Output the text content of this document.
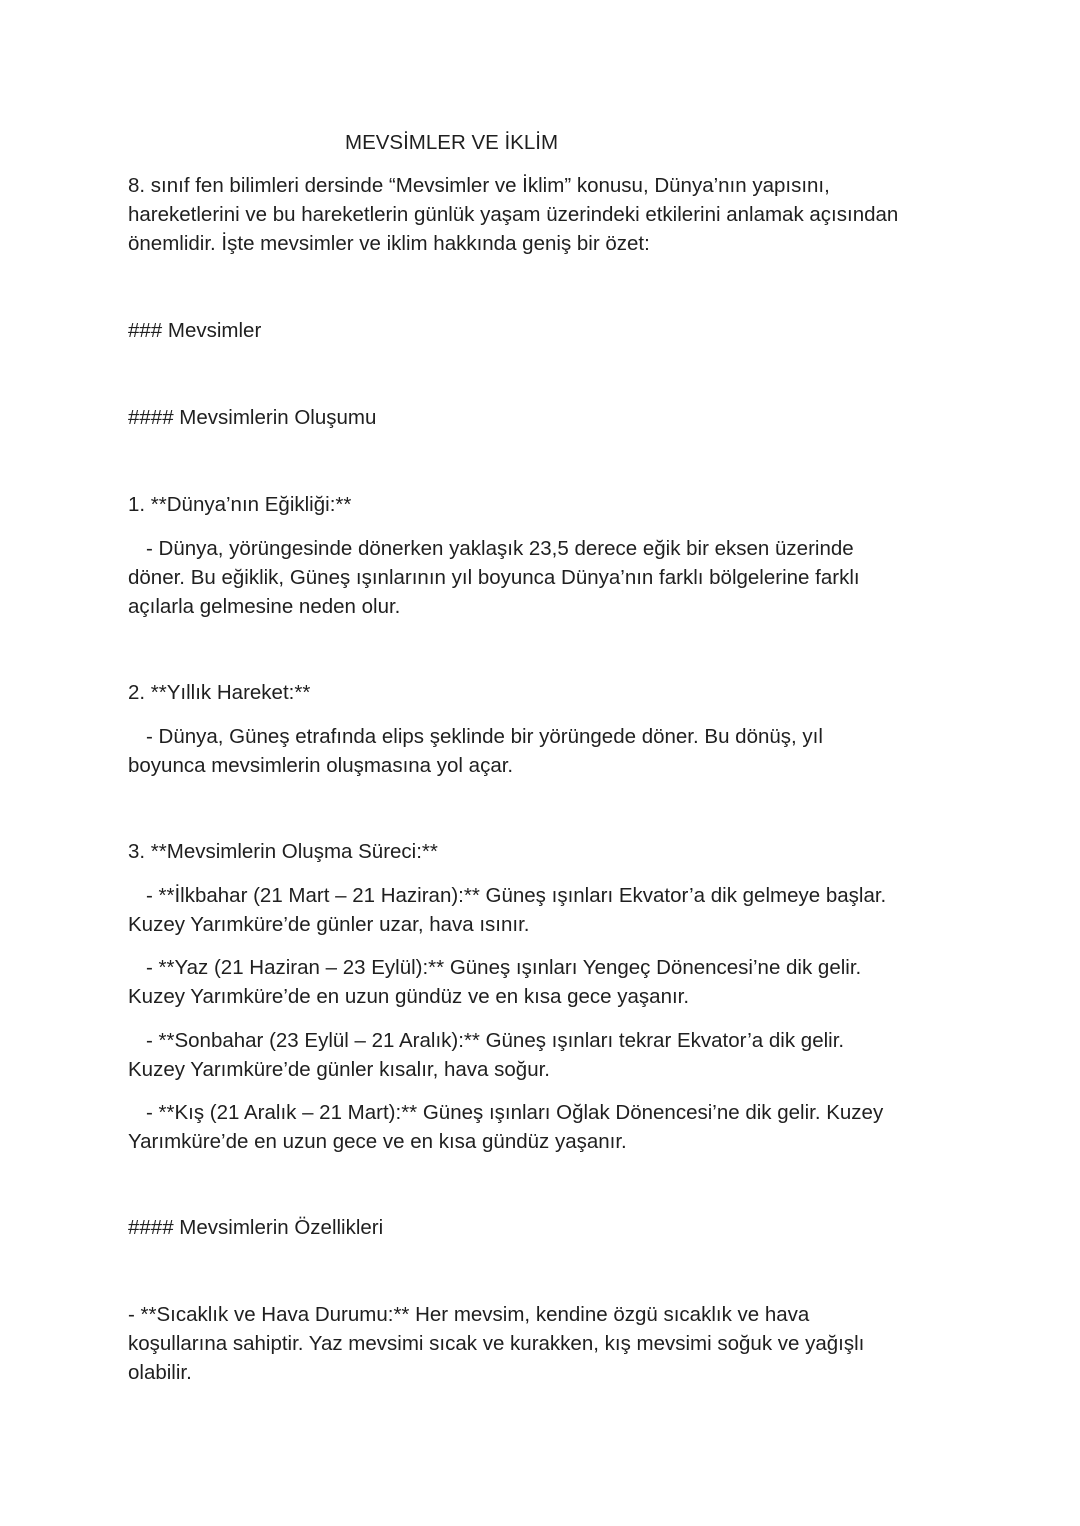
MEVSİMLER VE İKLİM
8. sınıf fen bilimleri dersinde “Mevsimler ve İklim” konusu, Dünya’nın yapısını,
hareketlerini ve bu hareketlerin günlük yaşam üzerindeki etkilerini anlamak açısından
önemlidir. İşte mevsimler ve iklim hakkında geniş bir özet:
### Mevsimler
#### Mevsimlerin Oluşumu
1. **Dünya’nın Eğikliği:**
- Dünya, yörüngesinde dönerken yaklaşık 23,5 derece eğik bir eksen üzerinde
döner. Bu eğiklik, Güneş ışınlarının yıl boyunca Dünya’nın farklı bölgelerine farklı
açılarla gelmesine neden olur.
2. **Yıllık Hareket:**
- Dünya, Güneş etrafında elips şeklinde bir yörüngede döner. Bu dönüş, yıl
boyunca mevsimlerin oluşmasına yol açar.
3. **Mevsimlerin Oluşma Süreci:**
- **İlkbahar (21 Mart – 21 Haziran):** Güneş ışınları Ekvator’a dik gelmeye başlar.
Kuzey Yarımküre’de günler uzar, hava ısınır.
- **Yaz (21 Haziran – 23 Eylül):** Güneş ışınları Yengeç Dönencesi’ne dik gelir.
Kuzey Yarımküre’de en uzun gündüz ve en kısa gece yaşanır.
- **Sonbahar (23 Eylül – 21 Aralık):** Güneş ışınları tekrar Ekvator’a dik gelir.
Kuzey Yarımküre’de günler kısalır, hava soğur.
- **Kış (21 Aralık – 21 Mart):** Güneş ışınları Oğlak Dönencesi’ne dik gelir. Kuzey
Yarımküre’de en uzun gece ve en kısa gündüz yaşanır.
#### Mevsimlerin Özellikleri
- **Sıcaklık ve Hava Durumu:** Her mevsim, kendine özgü sıcaklık ve hava
koşullarına sahiptir. Yaz mevsimi sıcak ve kurakken, kış mevsimi soğuk ve yağışlı
olabilir.
